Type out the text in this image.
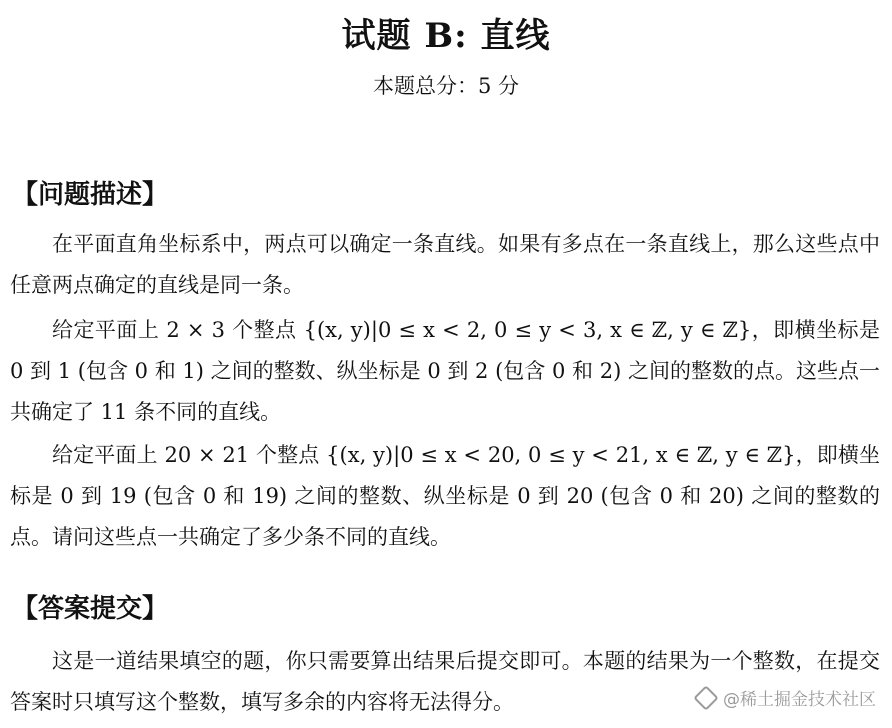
试题 B: 直线
本题总分：5 分
【问题描述】
在平面直角坐标系中，两点可以确定一条直线。如果有多点在一条直线上，那么这些点中任意两点确定的直线是同一条。
给定平面上 2 × 3 个整点 {(x, y)|0 ≤ x < 2, 0 ≤ y < 3, x ∈ ℤ, y ∈ ℤ}，即横坐标是 0 到 1 (包含 0 和 1) 之间的整数、纵坐标是 0 到 2 (包含 0 和 2) 之间的整数的点。这些点一共确定了 11 条不同的直线。
给定平面上 20 × 21 个整点 {(x, y)|0 ≤ x < 20, 0 ≤ y < 21, x ∈ ℤ, y ∈ ℤ}，即横坐标是 0 到 19 (包含 0 和 19) 之间的整数、纵坐标是 0 到 20 (包含 0 和 20) 之间的整数的点。请问这些点一共确定了多少条不同的直线。
【答案提交】
这是一道结果填空的题，你只需要算出结果后提交即可。本题的结果为一个整数，在提交答案时只填写这个整数，填写多余的内容将无法得分。	@稀土掘金技术社区
